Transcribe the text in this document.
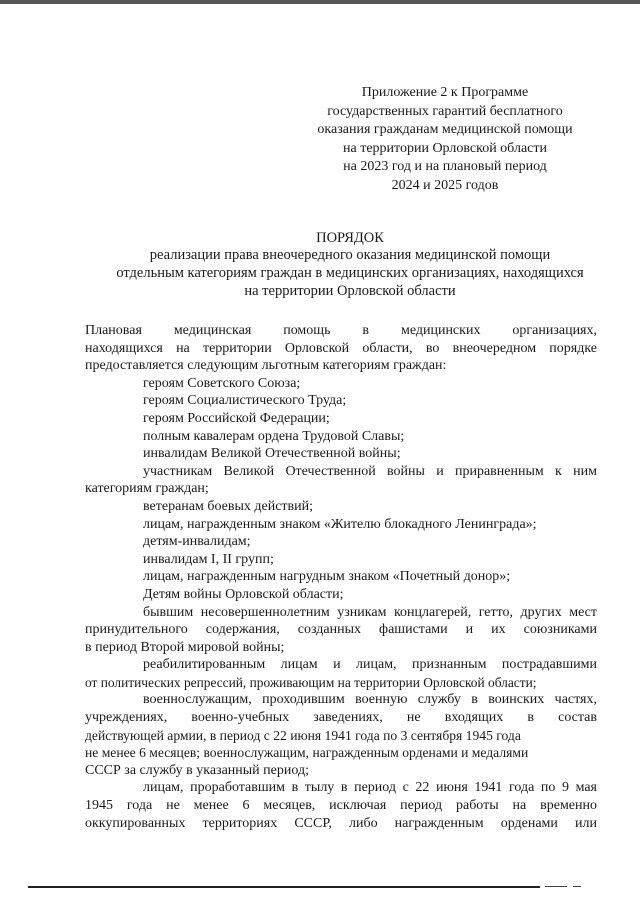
Приложение 2 к Программе
государственных гарантий бесплатного
оказания гражданам медицинской помощи
на территории Орловской области
на 2023 год и на плановый период
2024 и 2025 годов
ПОРЯДОК
реализации права внеочередного оказания медицинской помощи
отдельным категориям граждан в медицинских организациях, находящихся
на территории Орловской области
Плановая медицинская помощь в медицинских организациях,
находящихся на территории Орловской области, во внеочередном порядке
предоставляется следующим льготным категориям граждан:
героям Советского Союза;
героям Социалистического Труда;
героям Российской Федерации;
полным кавалерам ордена Трудовой Славы;
инвалидам Великой Отечественной войны;
участникам Великой Отечественной войны и приравненным к ним
категориям граждан;
ветеранам боевых действий;
лицам, награжденным знаком «Жителю блокадного Ленинграда»;
детям-инвалидам;
инвалидам I, II групп;
лицам, награжденным нагрудным знаком «Почетный донор»;
Детям войны Орловской области;
бывшим несовершеннолетним узникам концлагерей, гетто, других мест
принудительного содержания, созданных фашистами и их союзниками
в период Второй мировой войны;
реабилитированным лицам и лицам, признанным пострадавшими
от политических репрессий, проживающим на территории Орловской области;
военнослужащим, проходившим военную службу в воинских частях,
учреждениях, военно-учебных заведениях, не входящих в состав
действующей армии, в период с 22 июня 1941 года по 3 сентября 1945 года
не менее 6 месяцев; военнослужащим, награжденным орденами и медалями
СССР за службу в указанный период;
лицам, проработавшим в тылу в период с 22 июня 1941 года по 9 мая
1945 года не менее 6 месяцев, исключая период работы на временно
оккупированных территориях СССР, либо награжденным орденами или
